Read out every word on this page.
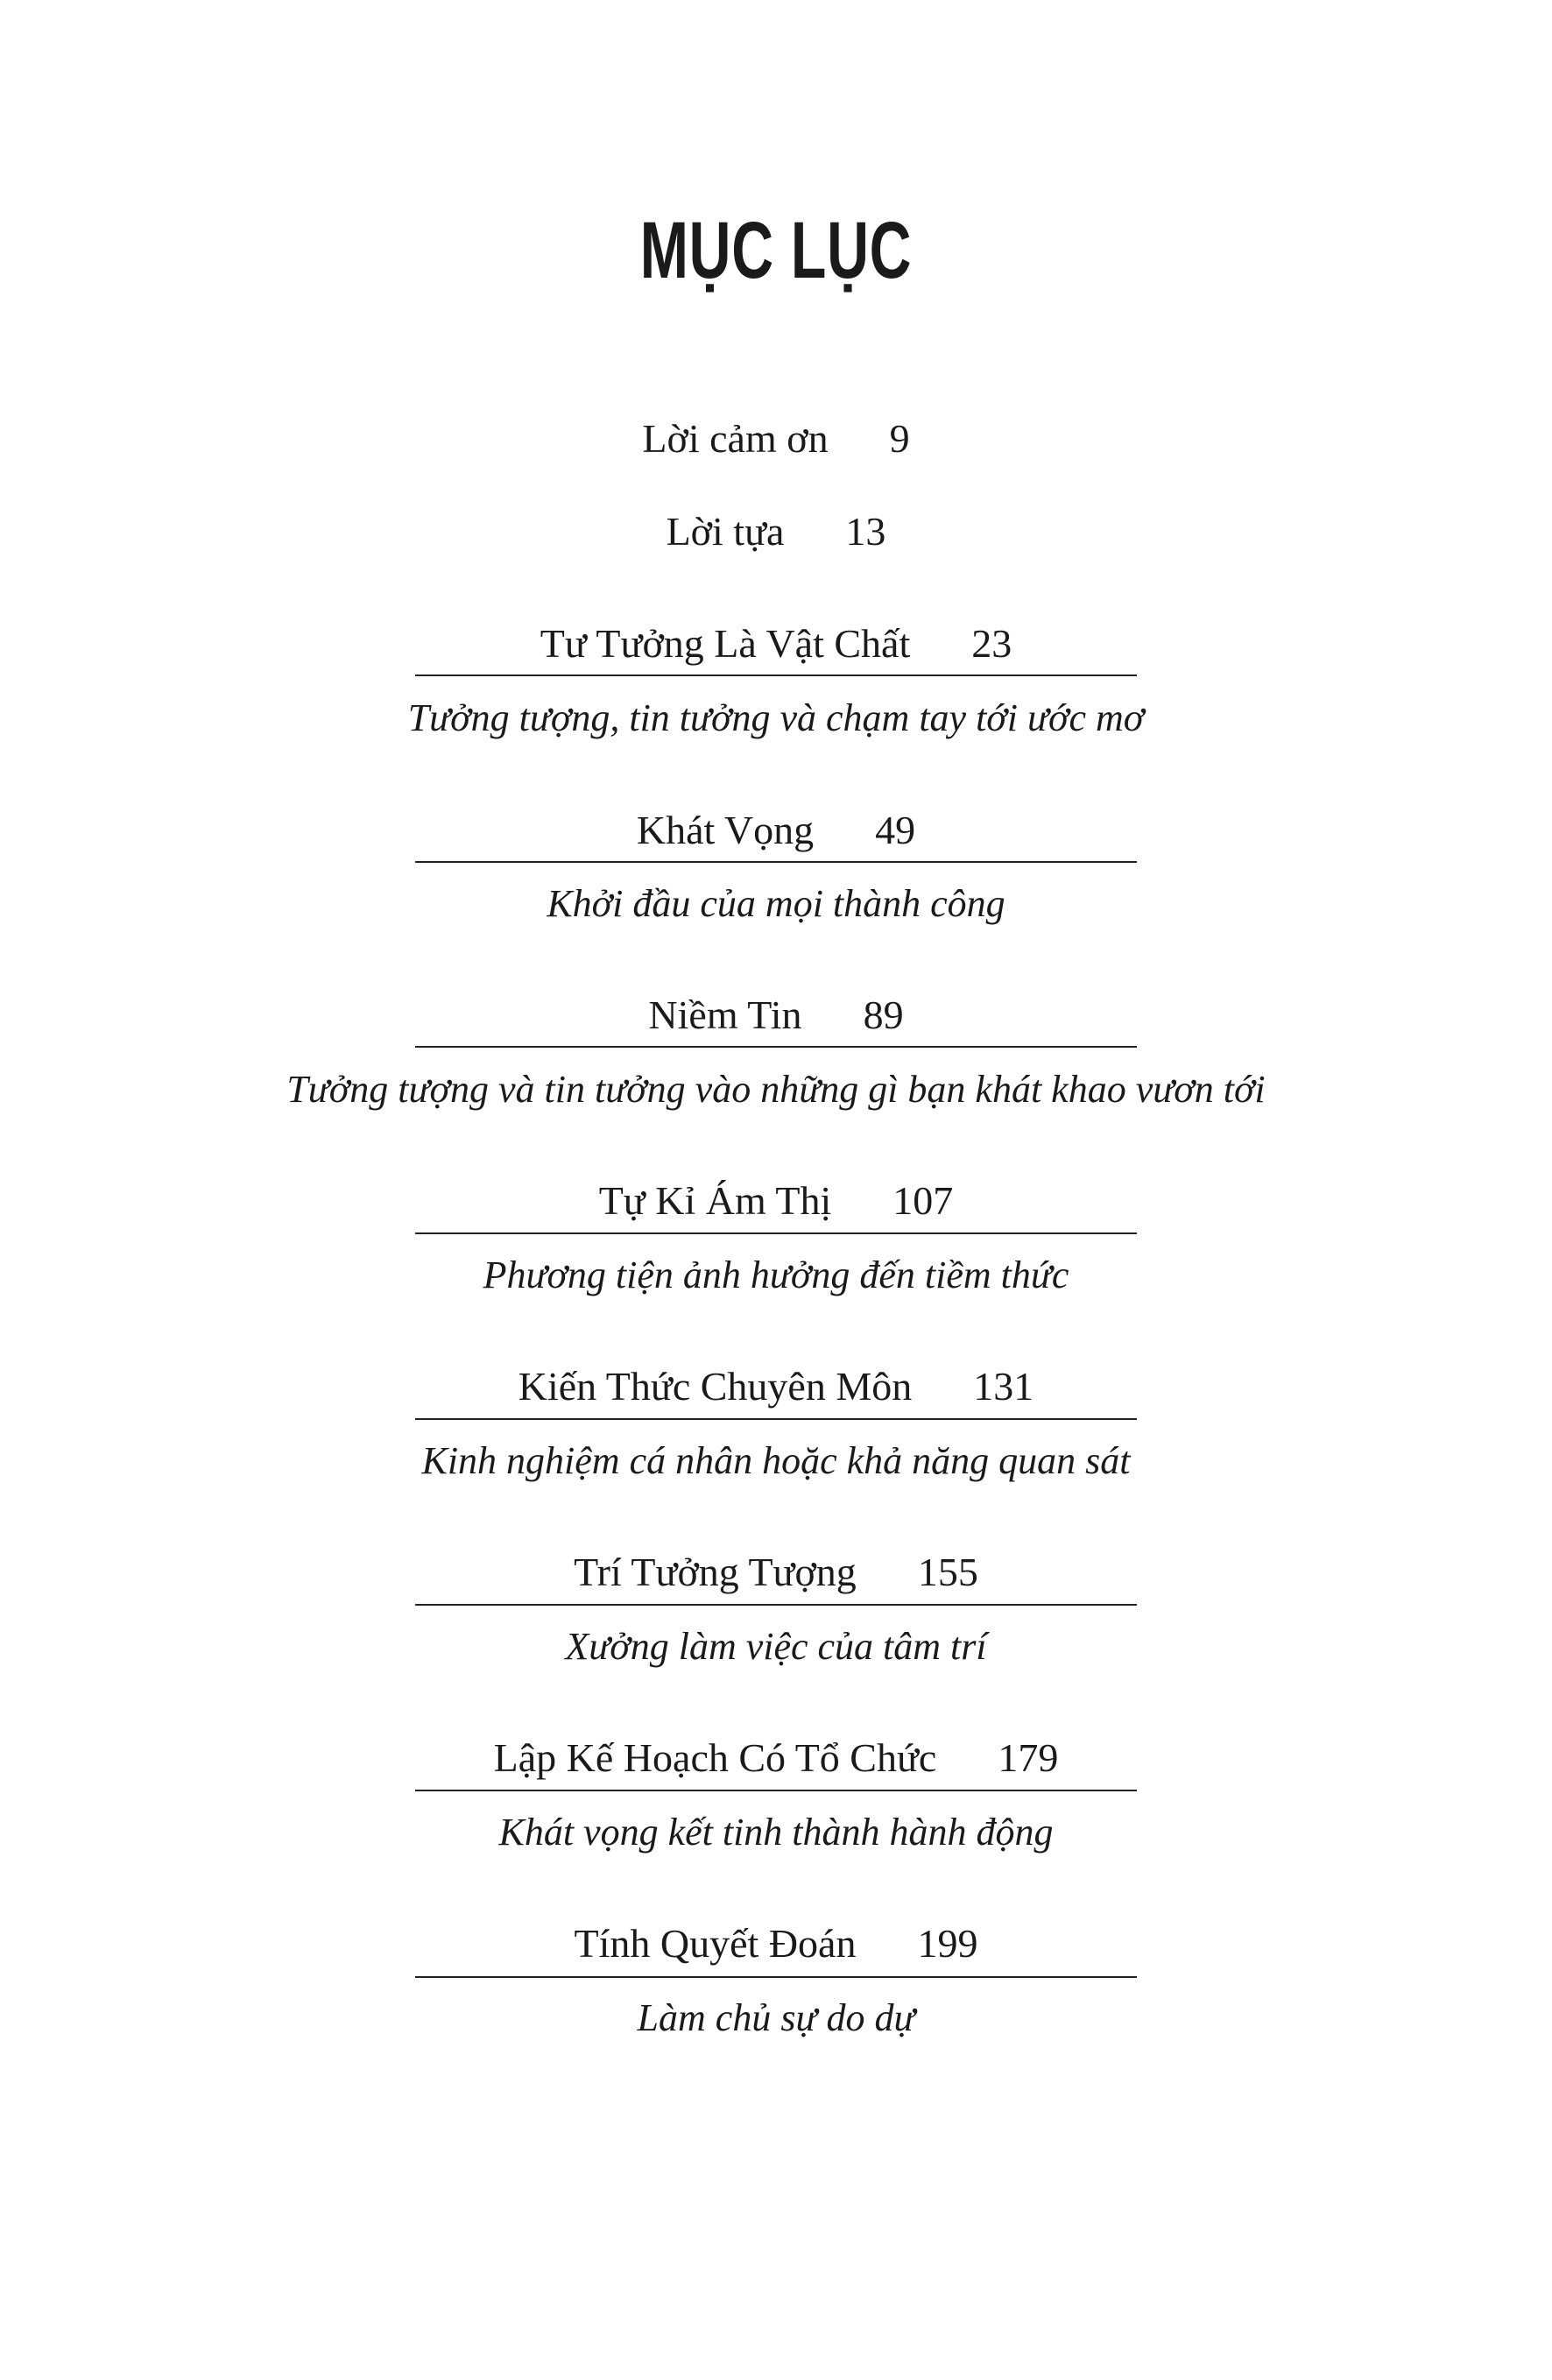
MỤC LỤC
Lời cảm ơn 9
Lời tựa 13
Tư Tưởng Là Vật Chất 23
Tưởng tượng, tin tưởng và chạm tay tới ước mơ
Khát Vọng 49
Khởi đầu của mọi thành công
Niềm Tin 89
Tưởng tượng và tin tưởng vào những gì bạn khát khao vươn tới
Tự Kỉ Ám Thị 107
Phương tiện ảnh hưởng đến tiềm thức
Kiến Thức Chuyên Môn 131
Kinh nghiệm cá nhân hoặc khả năng quan sát
Trí Tưởng Tượng 155
Xưởng làm việc của tâm trí
Lập Kế Hoạch Có Tổ Chức 179
Khát vọng kết tinh thành hành động
Tính Quyết Đoán 199
Làm chủ sự do dự
